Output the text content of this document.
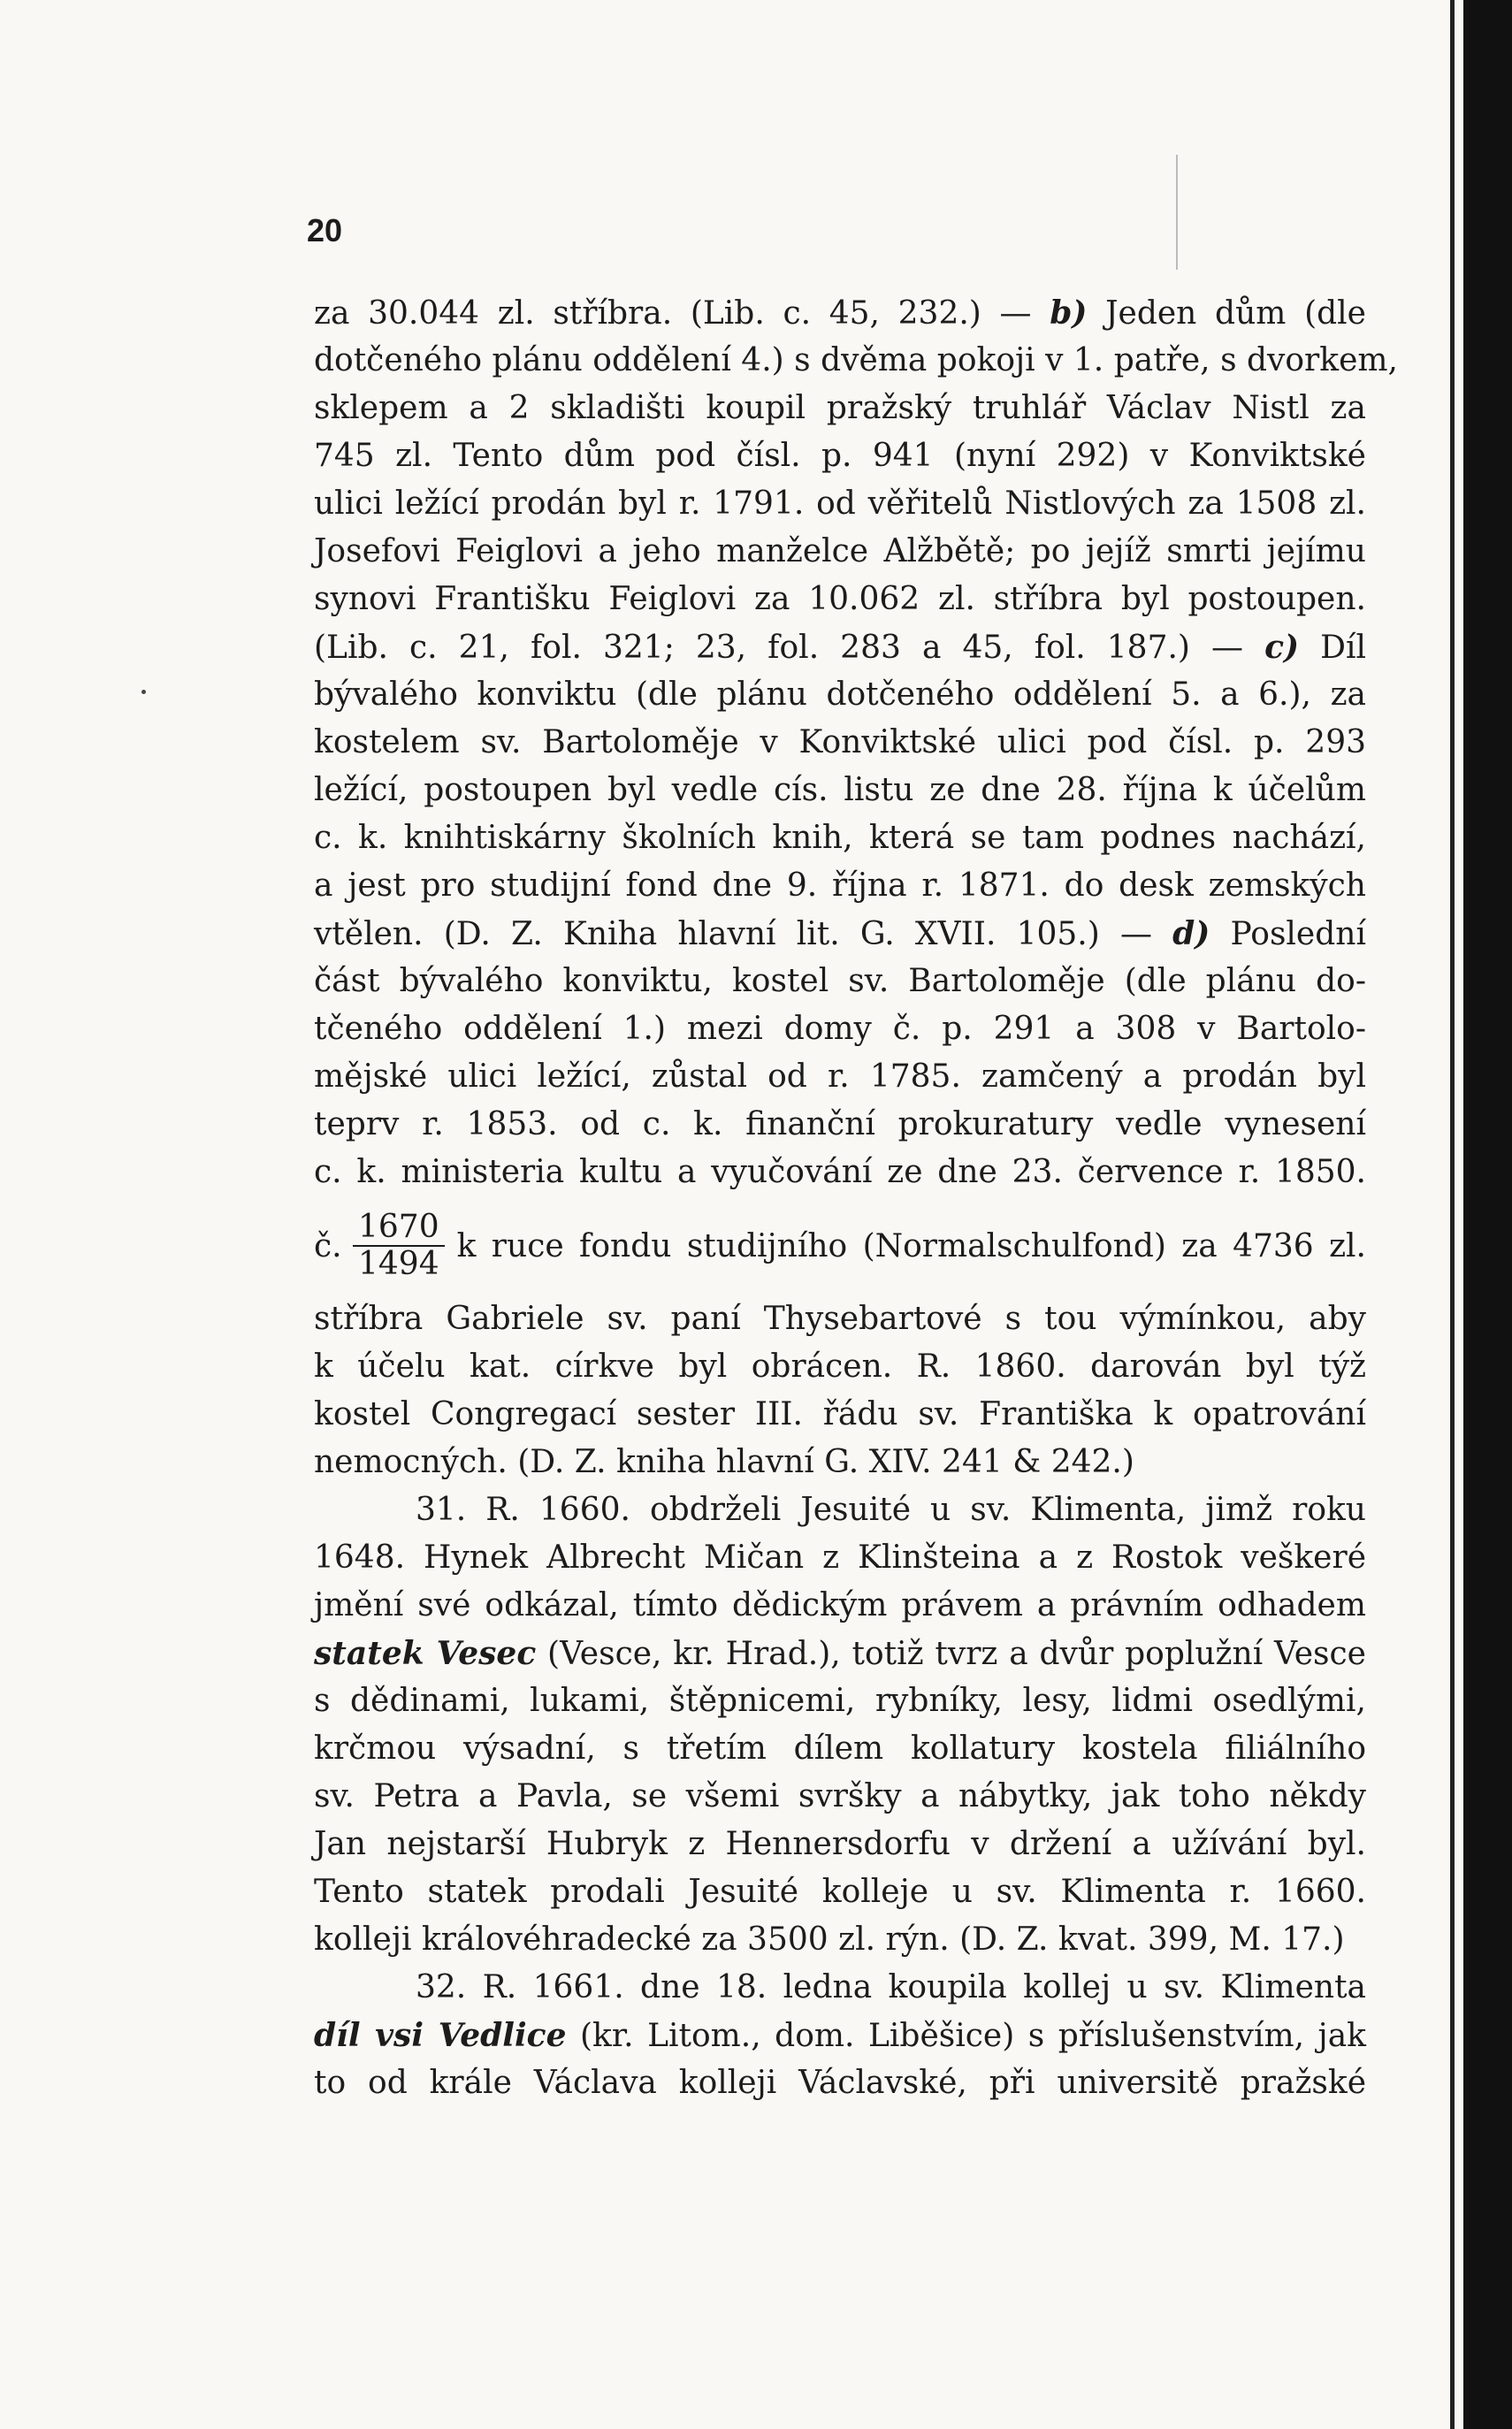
20
za 30.044 zl. stříbra. (Lib. c. 45, 232.) — b) Jeden dům (dle
dotčeného plánu oddělení 4.) s dvěma pokoji v 1. patře, s dvorkem,
sklepem a 2 skladišti koupil pražský truhlář Václav Nistl za
745 zl. Tento dům pod čísl. p. 941 (nyní 292) v Konviktské
ulici ležící prodán byl r. 1791. od věřitelů Nistlových za 1508 zl.
Josefovi Feiglovi a jeho manželce Alžbětě; po jejíž smrti jejímu
synovi Františku Feiglovi za 10.062 zl. stříbra byl postoupen.
(Lib. c. 21, fol. 321; 23, fol. 283 a 45, fol. 187.) — c) Díl
bývalého konviktu (dle plánu dotčeného oddělení 5. a 6.), za
kostelem sv. Bartoloměje v Konviktské ulici pod čísl. p. 293
ležící, postoupen byl vedle cís. listu ze dne 28. října k účelům
c. k. knihtiskárny školních knih, která se tam podnes nachází,
a jest pro studijní fond dne 9. října r. 1871. do desk zemských
vtělen. (D. Z. Kniha hlavní lit. G. XVII. 105.) — d) Poslední
část bývalého konviktu, kostel sv. Bartoloměje (dle plánu do-
tčeného oddělení 1.) mezi domy č. p. 291 a 308 v Bartolo-
mějské ulici ležící, zůstal od r. 1785. zamčený a prodán byl
teprv r. 1853. od c. k. finanční prokuratury vedle vynesení
c. k. ministeria kultu a vyučování ze dne 23. července r. 1850.
č. $\frac{1670}{1494}$ k ruce fondu studijního (Normalschulfond) za 4736 zl.
stříbra Gabriele sv. paní Thysebartové s tou výmínkou, aby
k účelu kat. církve byl obrácen. R. 1860. darován byl týž
kostel Congregací sester III. řádu sv. Františka k opatrování
nemocných. (D. Z. kniha hlavní G. XIV. 241 & 242.)
31. R. 1660. obdrželi Jesuité u sv. Klimenta, jimž roku
1648. Hynek Albrecht Mičan z Klinšteina a z Rostok veškeré
jmění své odkázal, tímto dědickým právem a právním odhadem
statek Vesec (Vesce, kr. Hrad.), totiž tvrz a dvůr poplužní Vesce
s dědinami, lukami, štěpnicemi, rybníky, lesy, lidmi osedlými,
krčmou výsadní, s třetím dílem kollatury kostela filiálního
sv. Petra a Pavla, se všemi svršky a nábytky, jak toho někdy
Jan nejstarší Hubryk z Hennersdorfu v držení a užívání byl.
Tento statek prodali Jesuité kolleje u sv. Klimenta r. 1660.
kolleji královéhradecké za 3500 zl. rýn. (D. Z. kvat. 399, M. 17.)
32. R. 1661. dne 18. ledna koupila kollej u sv. Klimenta
díl vsi Vedlice (kr. Litom., dom. Liběšice) s příslušenstvím, jak
to od krále Václava kolleji Václavské, při universitě pražské
